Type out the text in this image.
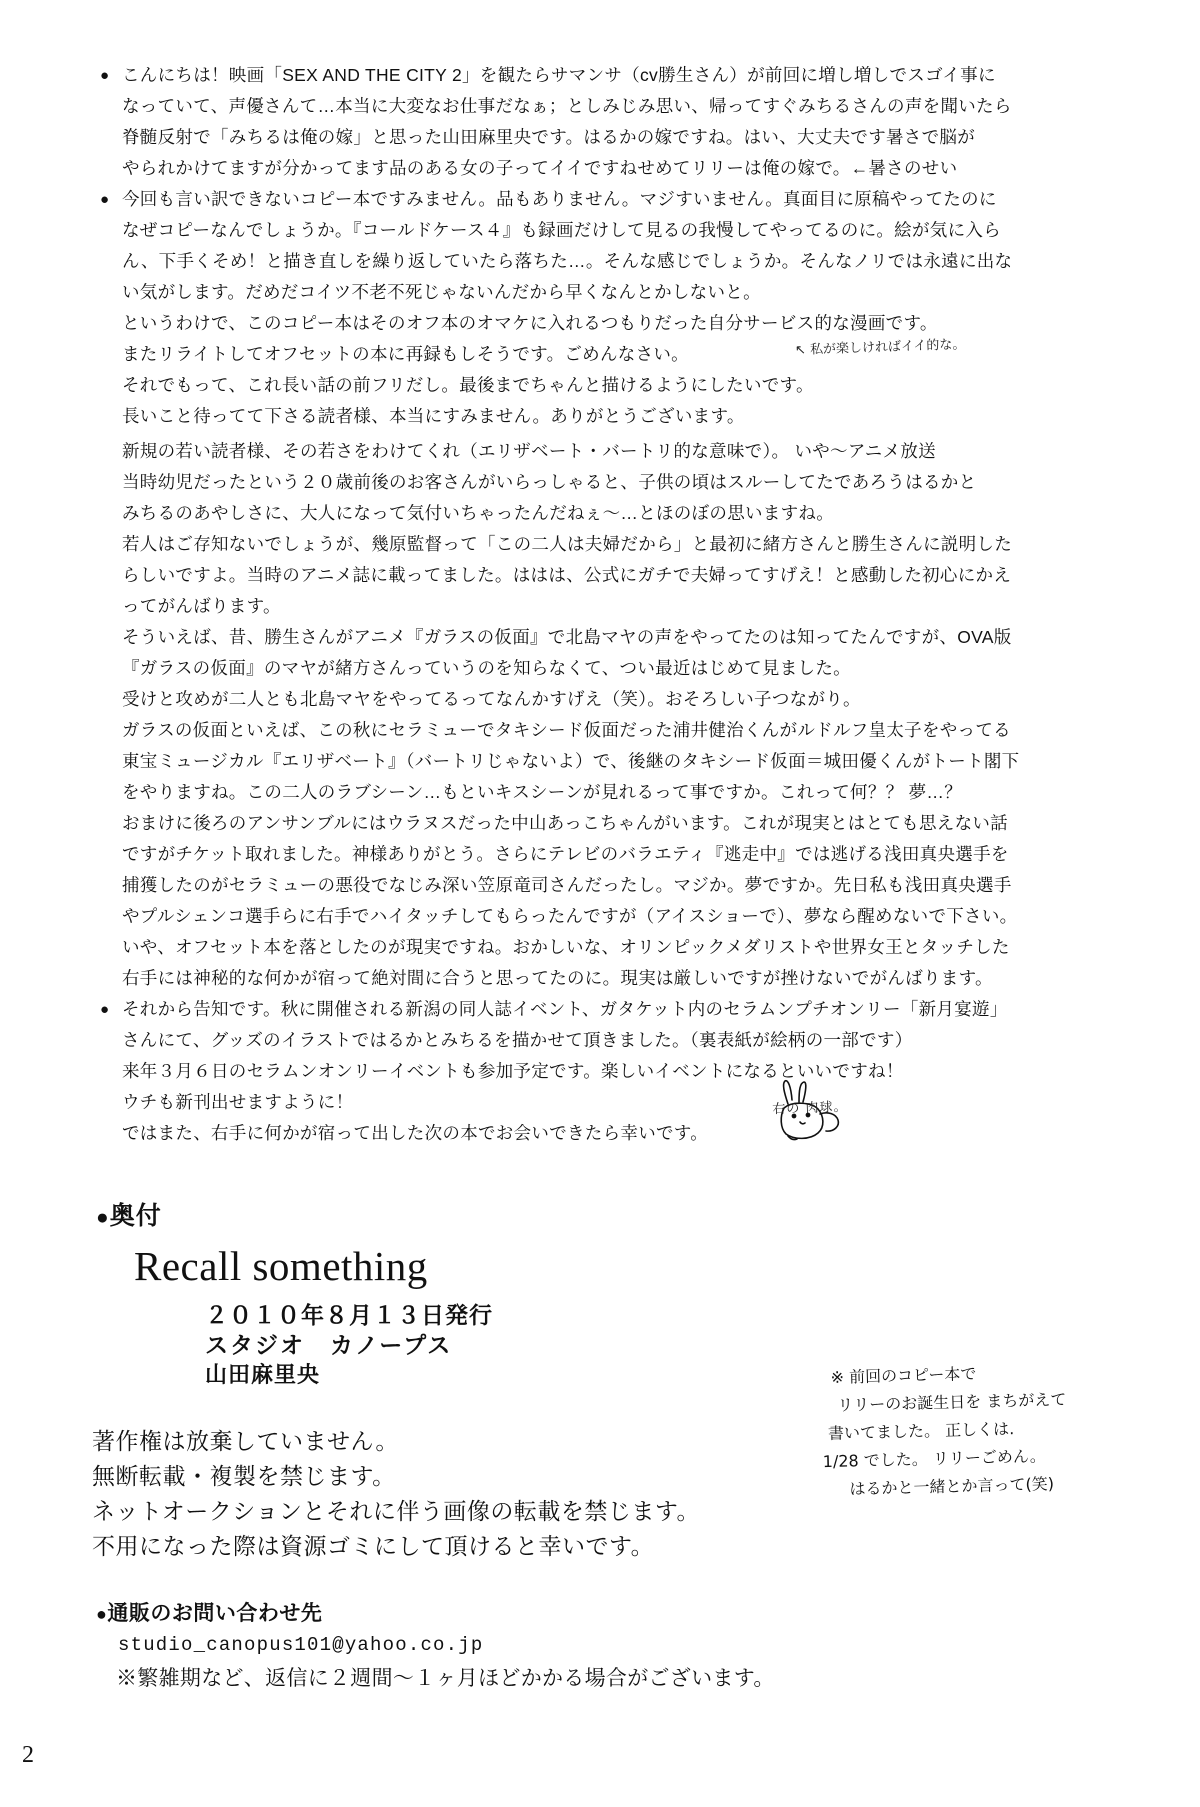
● こんにちは！映画「SEX AND THE CITY 2」を観たらサマンサ（cv勝生さん）が前回に増し増しでスゴイ事に
なっていて、声優さんて…本当に大変なお仕事だなぁ；としみじみ思い、帰ってすぐみちるさんの声を聞いたら
脊髄反射で「みちるは俺の嫁」と思った山田麻里央です。はるかの嫁ですね。はい、大丈夫です暑さで脳が
やられかけてますが分かってます品のある女の子ってイイですねせめてリリーは俺の嫁で。←暑さのせい
● 今回も言い訳できないコピー本ですみません。品もありません。マジすいません。真面目に原稿やってたのに
なぜコピーなんでしょうか。『コールドケース４』も録画だけして見るの我慢してやってるのに。絵が気に入ら
ん、下手くそめ！と描き直しを繰り返していたら落ちた…。そんな感じでしょうか。そんなノリでは永遠に出な
い気がします。だめだコイツ不老不死じゃないんだから早くなんとかしないと。
というわけで、このコピー本はそのオフ本のオマケに入れるつもりだった自分サービス的な漫画です。
またリライトしてオフセットの本に再録もしそうです。ごめんなさい。
それでもって、これ長い話の前フリだし。最後までちゃんと描けるようにしたいです。
長いこと待ってて下さる読者様、本当にすみません。ありがとうございます。
新規の若い読者様、その若さをわけてくれ（エリザベート・バートリ的な意味で）。 いや～アニメ放送
当時幼児だったという２０歳前後のお客さんがいらっしゃると、子供の頃はスルーしてたであろうはるかと
みちるのあやしさに、大人になって気付いちゃったんだねぇ～…とほのぼの思いますね。
若人はご存知ないでしょうが、幾原監督って「この二人は夫婦だから」と最初に緒方さんと勝生さんに説明した
らしいですよ。当時のアニメ誌に載ってました。ははは、公式にガチで夫婦ってすげえ！と感動した初心にかえ
ってがんばります。
そういえば、昔、勝生さんがアニメ『ガラスの仮面』で北島マヤの声をやってたのは知ってたんですが、OVA版
『ガラスの仮面』のマヤが緒方さんっていうのを知らなくて、つい最近はじめて見ました。
受けと攻めが二人とも北島マヤをやってるってなんかすげえ（笑）。おそろしい子つながり。
ガラスの仮面といえば、この秋にセラミューでタキシード仮面だった浦井健治くんがルドルフ皇太子をやってる
東宝ミュージカル『エリザベート』（バートリじゃないよ）で、後継のタキシード仮面＝城田優くんがトート閣下
をやりますね。この二人のラブシーン…もといキスシーンが見れるって事ですか。これって何？？ 夢…？
おまけに後ろのアンサンブルにはウラヌスだった中山あっこちゃんがいます。これが現実とはとても思えない話
ですがチケット取れました。神様ありがとう。さらにテレビのバラエティ『逃走中』では逃げる浅田真央選手を
捕獲したのがセラミューの悪役でなじみ深い笠原竜司さんだったし。マジか。夢ですか。先日私も浅田真央選手
やプルシェンコ選手らに右手でハイタッチしてもらったんですが（アイスショーで）、夢なら醒めないで下さい。
いや、オフセット本を落としたのが現実ですね。おかしいな、オリンピックメダリストや世界女王とタッチした
右手には神秘的な何かが宿って絶対間に合うと思ってたのに。現実は厳しいですが挫けないでがんばります。
● それから告知です。秋に開催される新潟の同人誌イベント、ガタケット内のセラムンプチオンリー「新月宴遊」
さんにて、グッズのイラストではるかとみちるを描かせて頂きました。（裏表紙が絵柄の一部です）
来年３月６日のセラムンオンリーイベントも参加予定です。楽しいイベントになるといいですね！
ウチも新刊出せますように！
ではまた、右手に何かが宿って出した次の本でお会いできたら幸いです。
↖ 私が楽しければイイ的な。
右の 肉球。
●奥付
Recall something
２０１０年８月１３日発行
スタジオ　カノープス
山田麻里央
著作権は放棄していません。
無断転載・複製を禁じます。
ネットオークションとそれに伴う画像の転載を禁じます。
不用になった際は資源ゴミにして頂けると幸いです。
※ 前回のコピー本で
リリーのお誕生日を まちがえて
書いてました。 正しくは.
1/28 でした。 リリーごめん。
はるかと一緒とか言って(笑)
●通販のお問い合わせ先
studio_canopus101@yahoo.co.jp
※繁雑期など、返信に２週間～１ヶ月ほどかかる場合がございます。
2
